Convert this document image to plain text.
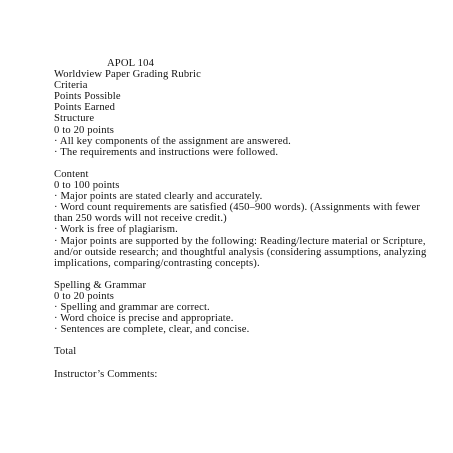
APOL 104
Worldview Paper Grading Rubric
Criteria
Points Possible
Points Earned
Structure
0 to 20 points
· All key components of the assignment are answered.
· The requirements and instructions were followed.
Content
0 to 100 points
· Major points are stated clearly and accurately.
· Word count requirements are satisfied (450–900 words). (Assignments with fewer than 250 words will not receive credit.)
· Work is free of plagiarism.
· Major points are supported by the following: Reading/lecture material or Scripture, and/or outside research; and thoughtful analysis (considering assumptions, analyzing implications, comparing/contrasting concepts).
Spelling & Grammar
0 to 20 points
· Spelling and grammar are correct.
· Word choice is precise and appropriate.
· Sentences are complete, clear, and concise.
Total
Instructor’s Comments:
